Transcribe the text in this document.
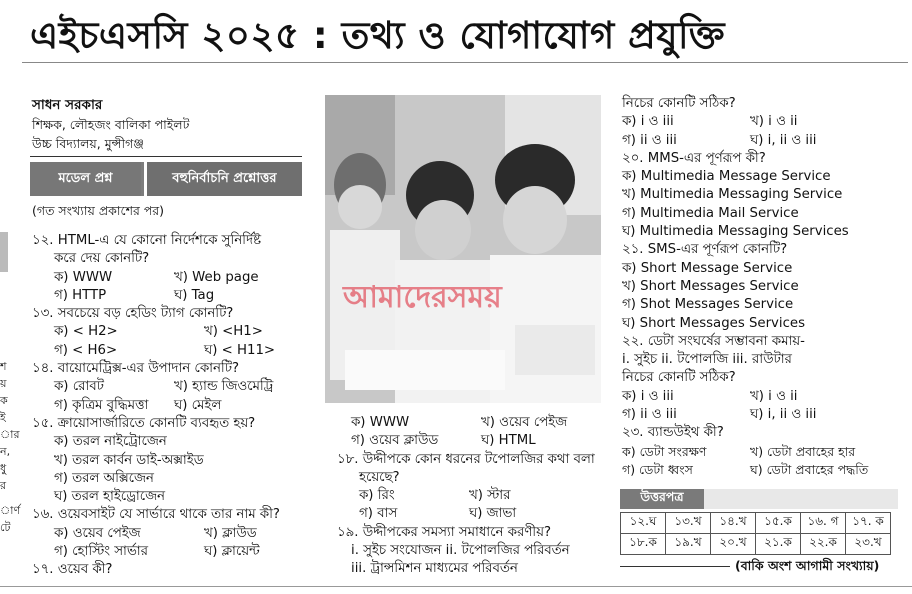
এইচএসসি ২০২৫ : তথ্য ও যোগাযোগ প্রযুক্তি
সাধন সরকার
শিক্ষক, লৌহজং বালিকা পাইলট
উচ্চ বিদ্যালয়, মুন্সীগঞ্জ
মডেল প্রশ্ন	বহুনির্বাচনি প্রশ্নোত্তর
(গত সংখ্যায় প্রকাশের পর)
শ
য়
ক
ই
ার
ন,
ধু
র
ার্ণ
টে
১২. HTML-এ যে কোনো নির্দেশকে সুনির্দিষ্ট
করে দেয় কোনটি?
ক) WWW	খ) Web page
গ) HTTP	ঘ) Tag
১৩. সবচেয়ে বড় হেডিং ট্যাগ কোনটি?
ক) < H2>	খ) <H1>
গ) < H6>	ঘ) < H11>
১৪. বায়োমেট্রিক্স-এর উপাদান কোনটি?
ক) রোবট	খ) হ্যান্ড জিওমেট্রি
গ) কৃত্রিম বুদ্ধিমত্তা	ঘ) মেইল
১৫. ক্রায়োসার্জারিতে কোনটি ব্যবহৃত হয়?
ক) তরল নাইট্রোজেন
খ) তরল কার্বন ডাই-অক্সাইড
গ) তরল অক্সিজেন
ঘ) তরল হাইড্রোজেন
১৬. ওয়েবসাইট যে সার্ভারে থাকে তার নাম কী?
ক) ওয়েব পেইজ	খ) ক্লাউড
গ) হোস্টিং সার্ভার	ঘ) ক্লায়েন্ট
১৭. ওয়েব কী?
আমাদেরসময়
ক) WWW	খ) ওয়েব পেইজ
গ) ওয়েব ক্লাউড	ঘ) HTML
১৮. উদ্দীপকে কোন ধরনের টপোলজির কথা বলা
হয়েছে?
ক) রিং	খ) স্টার
গ) বাস	ঘ) জাভা
১৯. উদ্দীপকের সমস্যা সমাধানে করণীয়?
i. সুইচ সংযোজন ii. টপোলজির পরিবর্তন
iii. ট্রান্সমিশন মাধ্যমের পরিবর্তন
নিচের কোনটি সঠিক?
ক) i ও iii	খ) i ও ii
গ) ii ও iii	ঘ) i, ii ও iii
২০. MMS-এর পূর্ণরূপ কী?
ক) Multimedia Message Service
খ) Multimedia Messaging Service
গ) Multimedia Mail Service
ঘ) Multimedia Messaging Services
২১. SMS-এর পূর্ণরূপ কোনটি?
ক) Short Message Service
খ) Short Messages Service
গ) Shot Messages Service
ঘ) Short Messages Services
২২. ডেটা সংঘর্ষের সম্ভাবনা কমায়-
i. সুইচ ii. টপোলজি iii. রাউটার
নিচের কোনটি সঠিক?
ক) i ও iii	খ) i ও ii
গ) ii ও iii	ঘ) i, ii ও iii
২৩. ব্যান্ডউইথ কী?
ক) ডেটা সংরক্ষণ	খ) ডেটা প্রবাহের হার
গ) ডেটা ধ্বংস	ঘ) ডেটা প্রবাহের পদ্ধতি
উত্তরপত্র
১২.ঘ	১৩.খ	১৪.খ	১৫.ক	১৬. গ	১৭. ক
১৮.ক	১৯.খ	২০.খ	২১.ক	২২.ক	২৩.খ
(বাকি অংশ আগামী সংখ্যায়)
